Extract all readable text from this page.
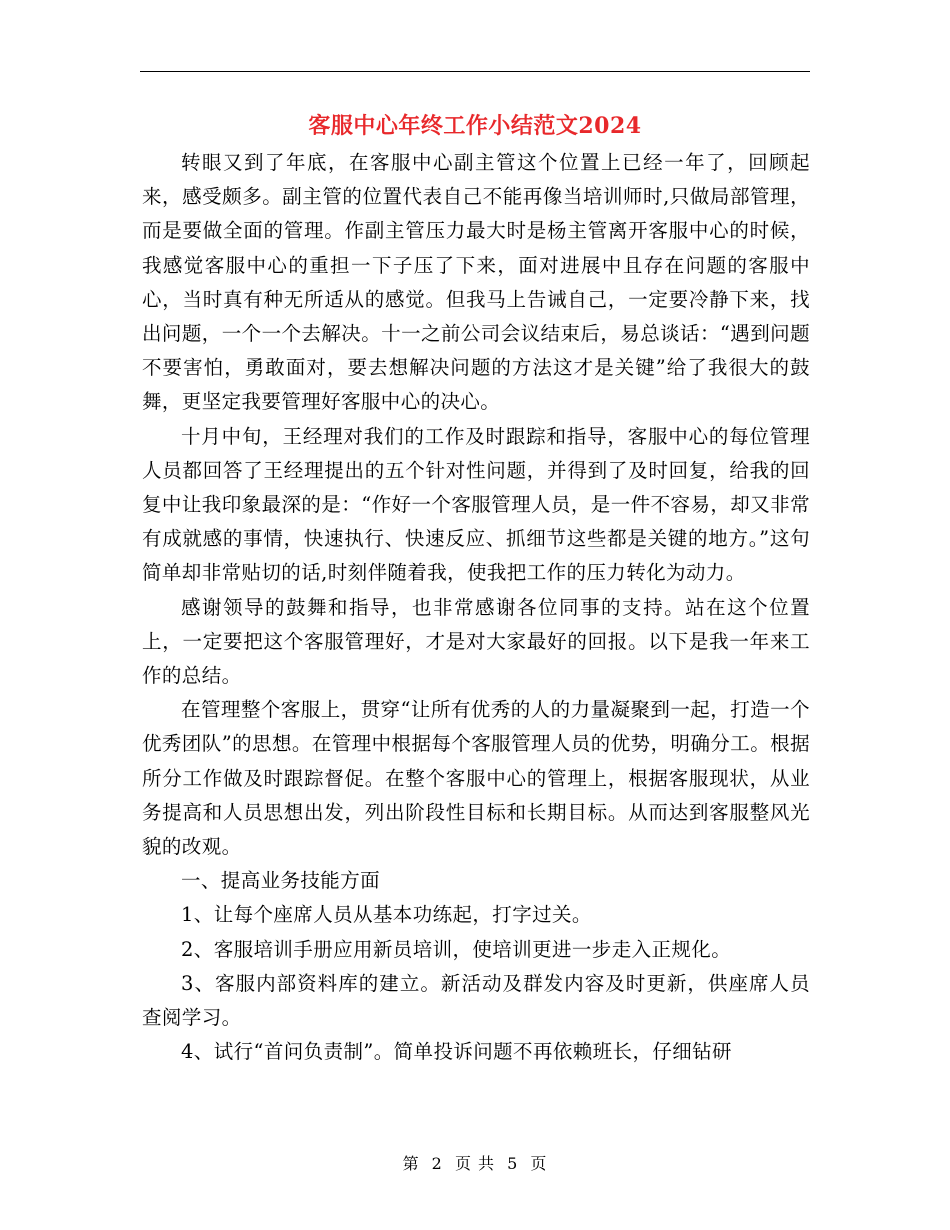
客服中心年终工作小结范文2024

转眼又到了年底，在客服中心副主管这个位置上已经一年了，回顾起来，感受颇多。副主管的位置代表自己不能再像当培训师时,只做局部管理，而是要做全面的管理。作副主管压力最大时是杨主管离开客服中心的时候，我感觉客服中心的重担一下子压了下来，面对进展中且存在问题的客服中心，当时真有种无所适从的感觉。但我马上告诫自己，一定要冷静下来，找出问题，一个一个去解决。十一之前公司会议结束后，易总谈话：“遇到问题不要害怕，勇敢面对，要去想解决问题的方法这才是关键”给了我很大的鼓舞，更坚定我要管理好客服中心的决心。

十月中旬，王经理对我们的工作及时跟踪和指导，客服中心的每位管理人员都回答了王经理提出的五个针对性问题，并得到了及时回复，给我的回复中让我印象最深的是：“作好一个客服管理人员，是一件不容易，却又非常有成就感的事情，快速执行、快速反应、抓细节这些都是关键的地方。”这句简单却非常贴切的话,时刻伴随着我，使我把工作的压力转化为动力。

感谢领导的鼓舞和指导，也非常感谢各位同事的支持。站在这个位置上，一定要把这个客服管理好，才是对大家最好的回报。以下是我一年来工作的总结。

在管理整个客服上，贯穿“让所有优秀的人的力量凝聚到一起，打造一个优秀团队”的思想。在管理中根据每个客服管理人员的优势，明确分工。根据所分工作做及时跟踪督促。在整个客服中心的管理上，根据客服现状，从业务提高和人员思想出发，列出阶段性目标和长期目标。从而达到客服整风光貌的改观。

一、提高业务技能方面

1、让每个座席人员从基本功练起，打字过关。

2、客服培训手册应用新员培训，使培训更进一步走入正规化。

3、客服内部资料库的建立。新活动及群发内容及时更新，供座席人员查阅学习。

4、试行“首问负责制”。简单投诉问题不再依赖班长，仔细钻研

第 2 页 共 5 页
